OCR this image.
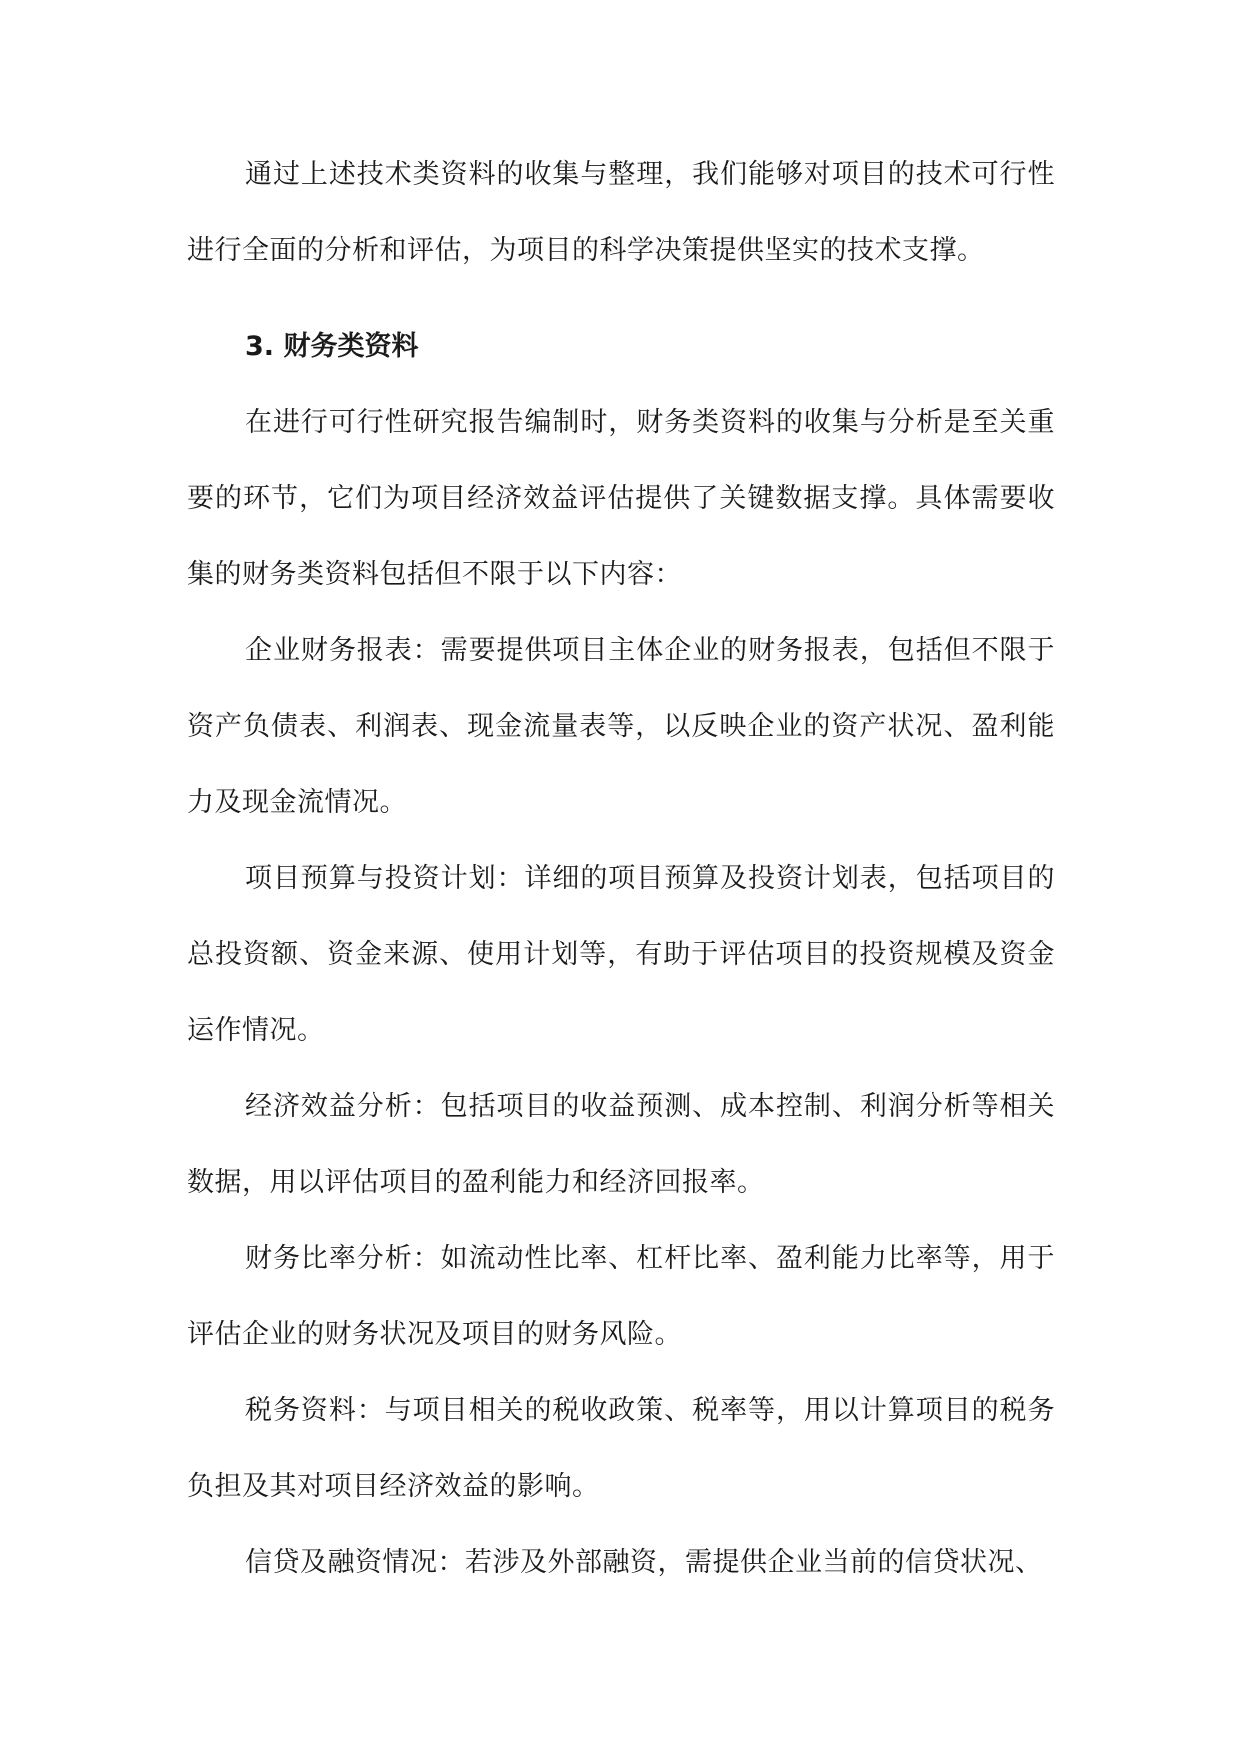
通过上述技术类资料的收集与整理，我们能够对项目的技术可行性进行全面的分析和评估，为项目的科学决策提供坚实的技术支撑。

3. 财务类资料

在进行可行性研究报告编制时，财务类资料的收集与分析是至关重要的环节，它们为项目经济效益评估提供了关键数据支撑。具体需要收集的财务类资料包括但不限于以下内容：

企业财务报表：需要提供项目主体企业的财务报表，包括但不限于资产负债表、利润表、现金流量表等，以反映企业的资产状况、盈利能力及现金流情况。

项目预算与投资计划：详细的项目预算及投资计划表，包括项目的总投资额、资金来源、使用计划等，有助于评估项目的投资规模及资金运作情况。

经济效益分析：包括项目的收益预测、成本控制、利润分析等相关数据，用以评估项目的盈利能力和经济回报率。

财务比率分析：如流动性比率、杠杆比率、盈利能力比率等，用于评估企业的财务状况及项目的财务风险。

税务资料：与项目相关的税收政策、税率等，用以计算项目的税务负担及其对项目经济效益的影响。

信贷及融资情况：若涉及外部融资，需提供企业当前的信贷状况、
